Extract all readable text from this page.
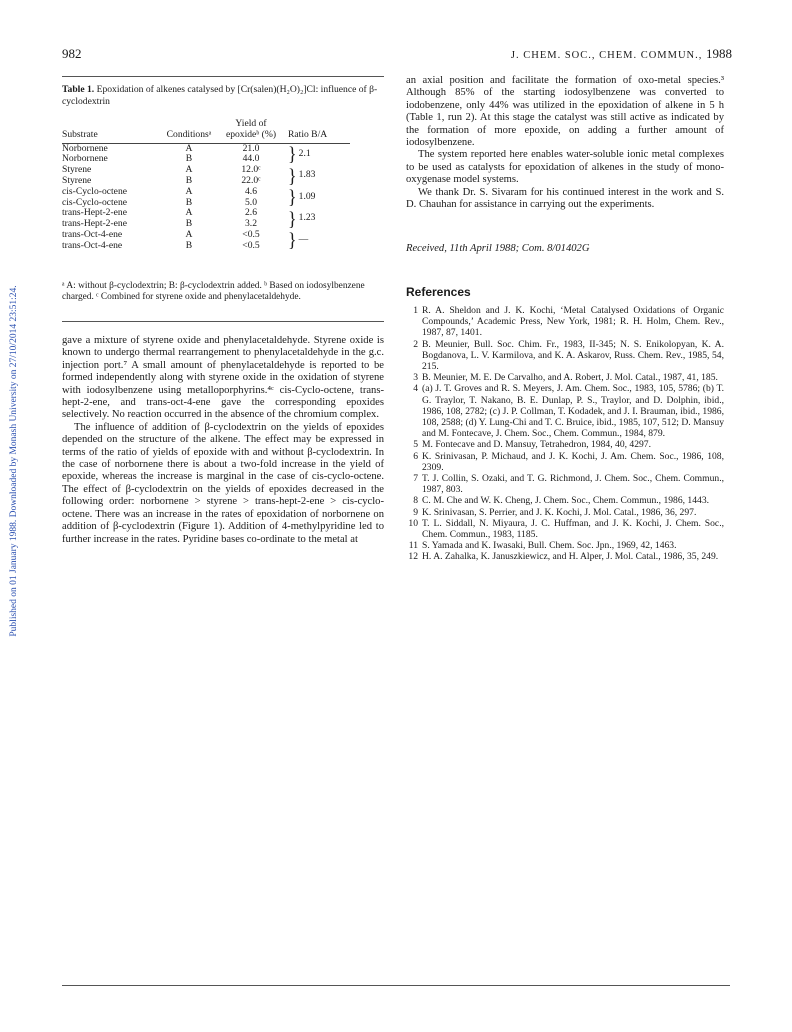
982	J. CHEM. SOC., CHEM. COMMUN., 1988
Published on 01 January 1988. Downloaded by Monash University on 27/10/2014 23:51:24.
Table 1. Epoxidation of alkenes catalysed by [Cr(salen)(H₂O)₂]Cl: influence of β-cyclodextrin
		Yield of	
Substrate	Conditionsᵃ	epoxideᵇ (%)	Ratio B/A

Norbornene	A	21.0	} 2.1
Norbornene	B	44.0	
Styrene	A	12.0ᶜ	} 1.83
Styrene	B	22.0ᶜ	
cis-Cyclo-octene	A	4.6	} 1.09
cis-Cyclo-octene	B	5.0	
trans-Hept-2-ene	A	2.6	} 1.23
trans-Hept-2-ene	B	3.2	
trans-Oct-4-ene	A	<0.5	} —
trans-Oct-4-ene	B	<0.5	
ᵃ A: without β-cyclodextrin; B: β-cyclodextrin added. ᵇ Based on iodosylbenzene charged. ᶜ Combined for styrene oxide and phenylacetaldehyde.

gave a mixture of styrene oxide and phenylacetaldehyde. Styrene oxide is known to undergo thermal rearrangement to phenylacetaldehyde in the g.c. injection port.⁷ A small amount of phenylacetaldehyde is reported to be formed independently along with styrene oxide in the oxidation of styrene with iodosylbenzene using metalloporphyrins.⁴ᶜ cis-Cyclo-octene, trans-hept-2-ene, and trans-oct-4-ene gave the corresponding epoxides selectively. No reaction occurred in the absence of the chromium complex.

The influence of addition of β-cyclodextrin on the yields of epoxides depended on the structure of the alkene. The effect may be expressed in terms of the ratio of yields of epoxide with and without β-cyclodextrin. In the case of norbornene there is about a two-fold increase in the yield of epoxide, whereas the increase is marginal in the case of cis-cyclo-octene. The effect of β-cyclodextrin on the yields of epoxides decreased in the following order: norbornene > styrene > trans-hept-2-ene > cis-cyclo-octene. There was an increase in the rates of epoxidation of norbornene on addition of β-cyclodextrin (Figure 1). Addition of 4-methylpyridine led to further increase in the rates. Pyridine bases co-ordinate to the metal at

an axial position and facilitate the formation of oxo-metal species.³ Although 85% of the starting iodosylbenzene was converted to iodobenzene, only 44% was utilized in the epoxidation of alkene in 5 h (Table 1, run 2). At this stage the catalyst was still active as indicated by the formation of more epoxide, on adding a further amount of iodosylbenzene.

The system reported here enables water-soluble ionic metal complexes to be used as catalysts for epoxidation of alkenes in the study of mono-oxygenase model systems.

We thank Dr. S. Sivaram for his continued interest in the work and S. D. Chauhan for assistance in carrying out the experiments.

Received, 11th April 1988; Com. 8/01402G
References
1 R. A. Sheldon and J. K. Kochi, ‘Metal Catalysed Oxidations of Organic Compounds,’ Academic Press, New York, 1981; R. H. Holm, Chem. Rev., 1987, 87, 1401.
2 B. Meunier, Bull. Soc. Chim. Fr., 1983, II-345; N. S. Enikolopyan, K. A. Bogdanova, L. V. Karmilova, and K. A. Askarov, Russ. Chem. Rev., 1985, 54, 215.
3 B. Meunier, M. E. De Carvalho, and A. Robert, J. Mol. Catal., 1987, 41, 185.
4 (a) J. T. Groves and R. S. Meyers, J. Am. Chem. Soc., 1983, 105, 5786; (b) T. G. Traylor, T. Nakano, B. E. Dunlap, P. S., Traylor, and D. Dolphin, ibid., 1986, 108, 2782; (c) J. P. Collman, T. Kodadek, and J. I. Brauman, ibid., 1986, 108, 2588; (d) Y. Lung-Chi and T. C. Bruice, ibid., 1985, 107, 512; D. Mansuy and M. Fontecave, J. Chem. Soc., Chem. Commun., 1984, 879.
5 M. Fontecave and D. Mansuy, Tetrahedron, 1984, 40, 4297.
6 K. Srinivasan, P. Michaud, and J. K. Kochi, J. Am. Chem. Soc., 1986, 108, 2309.
7 T. J. Collin, S. Ozaki, and T. G. Richmond, J. Chem. Soc., Chem. Commun., 1987, 803.
8 C. M. Che and W. K. Cheng, J. Chem. Soc., Chem. Commun., 1986, 1443.
9 K. Srinivasan, S. Perrier, and J. K. Kochi, J. Mol. Catal., 1986, 36, 297.
10 T. L. Siddall, N. Miyaura, J. C. Huffman, and J. K. Kochi, J. Chem. Soc., Chem. Commun., 1983, 1185.
11 S. Yamada and K. Iwasaki, Bull. Chem. Soc. Jpn., 1969, 42, 1463.
12 H. A. Zahalka, K. Januszkiewicz, and H. Alper, J. Mol. Catal., 1986, 35, 249.
